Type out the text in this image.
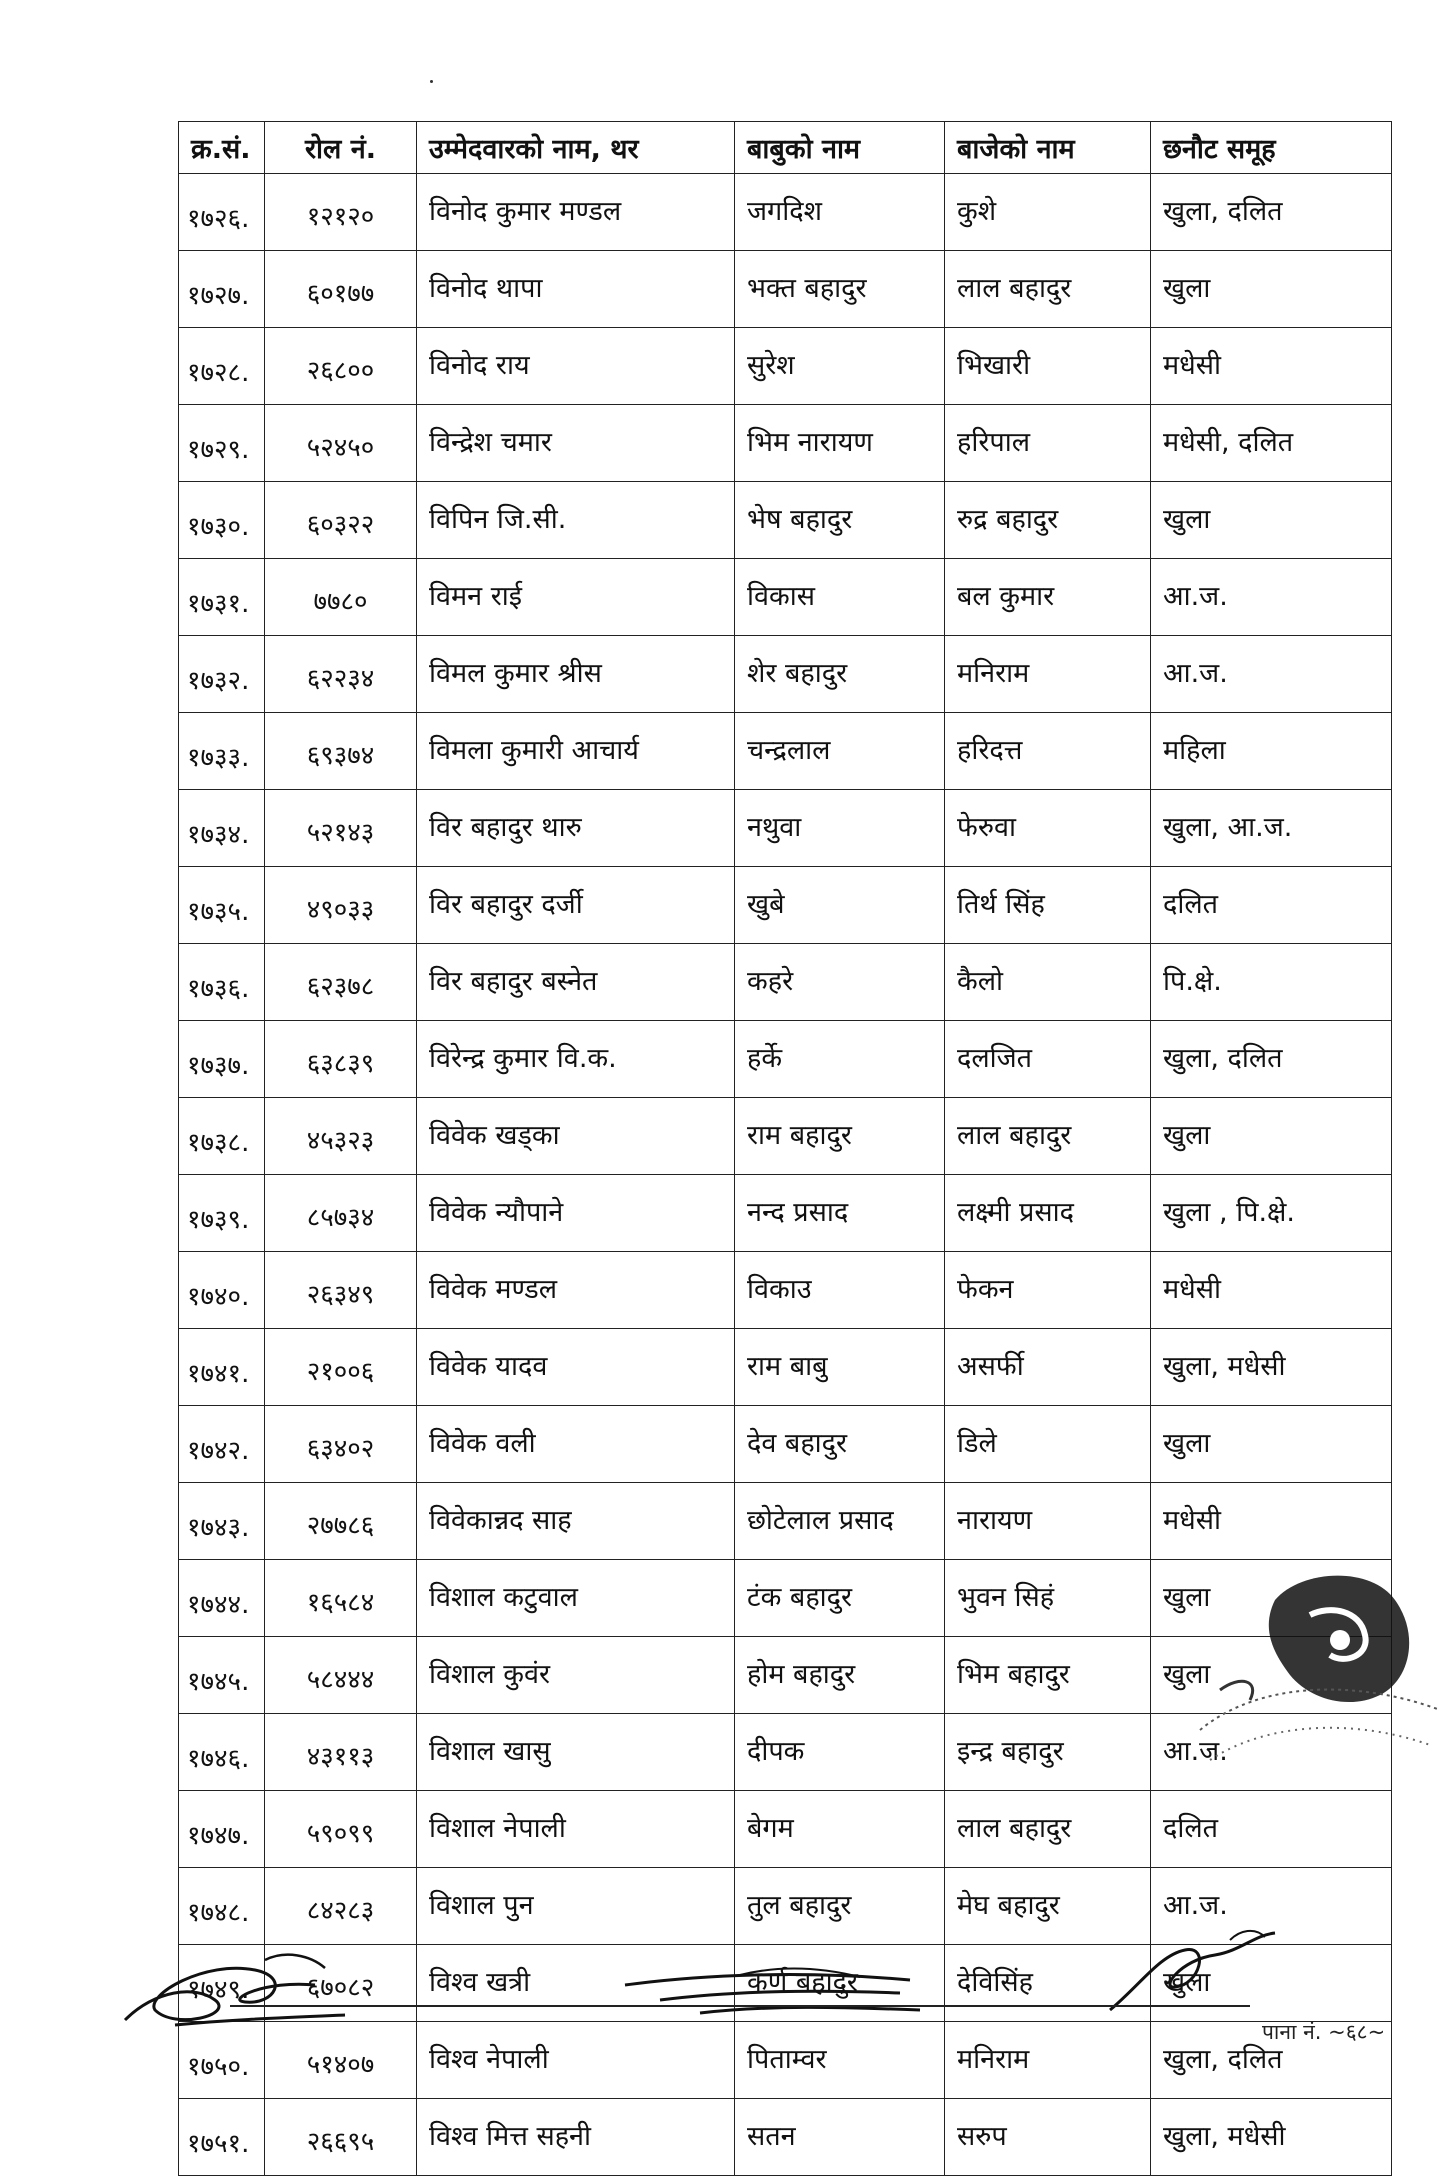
क्र.सं.	रोल नं.	उम्मेदवारको नाम, थर	बाबुको नाम	बाजेको नाम	छनौट समूह
१७२६.	१२१२०	विनोद कुमार मण्डल	जगदिश	कुशे	खुला, दलित
१७२७.	६०१७७	विनोद थापा	भक्त बहादुर	लाल बहादुर	खुला
१७२८.	२६८००	विनोद राय	सुरेश	भिखारी	मधेसी
१७२९.	५२४५०	विन्द्रेश चमार	भिम नारायण	हरिपाल	मधेसी, दलित
१७३०.	६०३२२	विपिन जि.सी.	भेष बहादुर	रुद्र बहादुर	खुला
१७३१.	७७८०	विमन राई	विकास	बल कुमार	आ.ज.
१७३२.	६२२३४	विमल कुमार श्रीस	शेर बहादुर	मनिराम	आ.ज.
१७३३.	६९३७४	विमला कुमारी आचार्य	चन्द्रलाल	हरिदत्त	महिला
१७३४.	५२१४३	विर बहादुर थारु	नथुवा	फेरुवा	खुला, आ.ज.
१७३५.	४९०३३	विर बहादुर दर्जी	खुबे	तिर्थ सिंह	दलित
१७३६.	६२३७८	विर बहादुर बस्नेत	कहरे	कैलो	पि.क्षे.
१७३७.	६३८३९	विरेन्द्र कुमार वि.क.	हर्के	दलजित	खुला, दलित
१७३८.	४५३२३	विवेक खड्का	राम बहादुर	लाल बहादुर	खुला
१७३९.	८५७३४	विवेक न्यौपाने	नन्द प्रसाद	लक्ष्मी प्रसाद	खुला , पि.क्षे.
१७४०.	२६३४९	विवेक मण्डल	विकाउ	फेकन	मधेसी
१७४१.	२१००६	विवेक यादव	राम बाबु	असर्फी	खुला, मधेसी
१७४२.	६३४०२	विवेक वली	देव बहादुर	डिले	खुला
१७४३.	२७७८६	विवेकान्नद साह	छोटेलाल प्रसाद	नारायण	मधेसी
१७४४.	१६५८४	विशाल कटुवाल	टंक बहादुर	भुवन सिहं	खुला
१७४५.	५८४४४	विशाल कुवंर	होम बहादुर	भिम बहादुर	खुला
१७४६.	४३११३	विशाल खासु	दीपक	इन्द्र बहादुर	आ.ज.
१७४७.	५९०९९	विशाल नेपाली	बेगम	लाल बहादुर	दलित
१७४८.	८४२८३	विशाल पुन	तुल बहादुर	मेघ बहादुर	आ.ज.
१७४९.	६७०८२	विश्व खत्री	कर्ण बहादुर	देविसिंह	खुला
१७५०.	५१४०७	विश्व नेपाली	पिताम्वर	मनिराम	खुला, दलित
१७५१.	२६६९५	विश्व मित्त सहनी	सतन	सरुप	खुला, मधेसी
पाना नं. ~६८~
